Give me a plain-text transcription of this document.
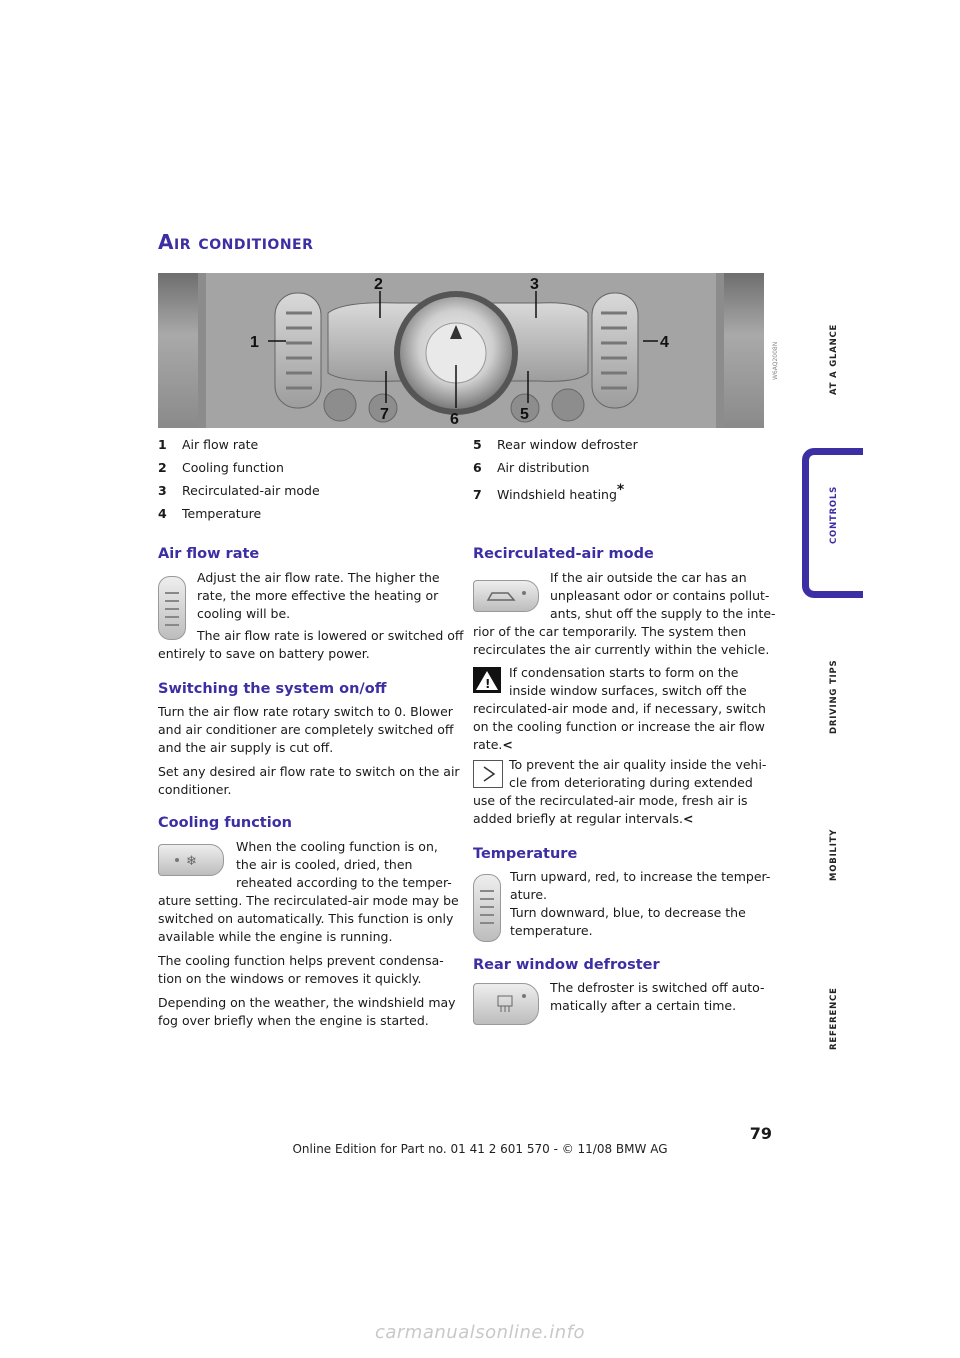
Air conditioner
1
2	3
4
5
6
7
W6AQ2008N
1 Air flow rate
2 Cooling function
3 Recirculated-air mode
4 Temperature
5 Rear window defroster
6 Air distribution
7 Windshield heating*
Air flow rate
Adjust the air flow rate. The higher the
rate, the more effective the heating or
cooling will be.
The air flow rate is lowered or switched off
entirely to save on battery power.
Switching the system on/off
Turn the air flow rate rotary switch to 0. Blower
and air conditioner are completely switched off
and the air supply is cut off.
Set any desired air flow rate to switch on the air
conditioner.
Cooling function
❄
When the cooling function is on,
the air is cooled, dried, then
reheated according to the temper-
ature setting. The recirculated-air mode may be
switched on automatically. This function is only
available while the engine is running.
The cooling function helps prevent condensa-
tion on the windows or removes it quickly.
Depending on the weather, the windshield may
fog over briefly when the engine is started.
Recirculated-air mode
If the air outside the car has an
unpleasant odor or contains pollut-
ants, shut off the supply to the inte-
rior of the car temporarily. The system then
recirculates the air currently within the vehicle.
!
If condensation starts to form on the
inside window surfaces, switch off the
recirculated-air mode and, if necessary, switch
on the cooling function or increase the air flow
rate.<
To prevent the air quality inside the vehi-
cle from deteriorating during extended
use of the recirculated-air mode, fresh air is
added briefly at regular intervals.<
Temperature
Turn upward, red, to increase the temper-
ature.
Turn downward, blue, to decrease the
temperature.
Rear window defroster
The defroster is switched off auto-
matically after a certain time.
AT A GLANCE
CONTROLS
DRIVING TIPS
MOBILITY
REFERENCE
79
Online Edition for Part no. 01 41 2 601 570 - © 11/08 BMW AG
carmanualsonline.info
